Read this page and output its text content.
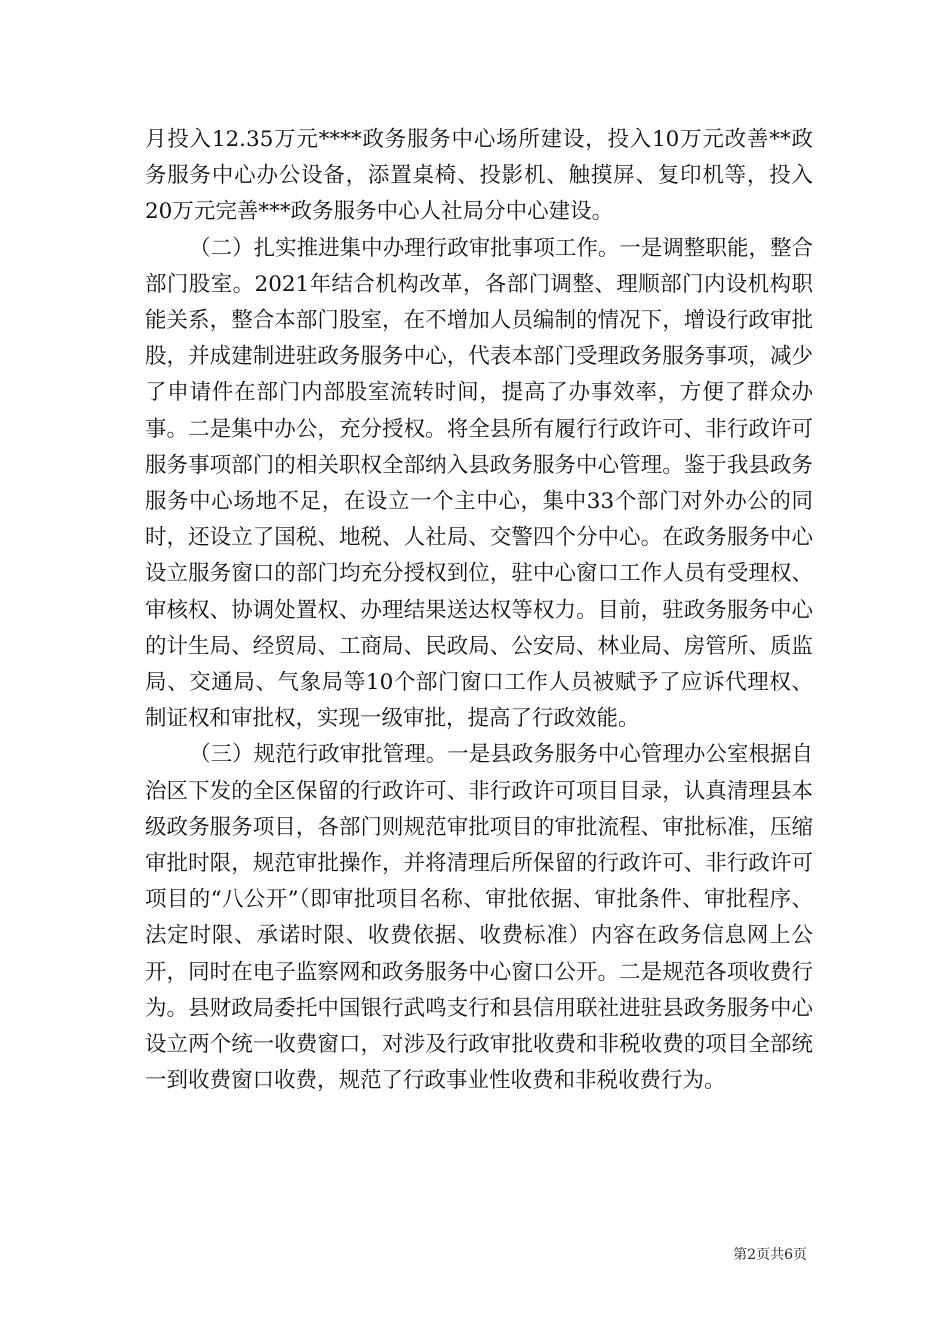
月投入12.35万元****政务服务中心场所建设，投入10万元改善**政务服务中心办公设备，添置桌椅、投影机、触摸屏、复印机等，投入20万元完善***政务服务中心人社局分中心建设。

（二）扎实推进集中办理行政审批事项工作。一是调整职能，整合部门股室。2021年结合机构改革，各部门调整、理顺部门内设机构职能关系，整合本部门股室，在不增加人员编制的情况下，增设行政审批股，并成建制进驻政务服务中心，代表本部门受理政务服务事项，减少了申请件在部门内部股室流转时间，提高了办事效率，方便了群众办事。二是集中办公，充分授权。将全县所有履行行政许可、非行政许可服务事项部门的相关职权全部纳入县政务服务中心管理。鉴于我县政务服务中心场地不足，在设立一个主中心，集中33个部门对外办公的同时，还设立了国税、地税、人社局、交警四个分中心。在政务服务中心设立服务窗口的部门均充分授权到位，驻中心窗口工作人员有受理权、审核权、协调处置权、办理结果送达权等权力。目前，驻政务服务中心的计生局、经贸局、工商局、民政局、公安局、林业局、房管所、质监局、交通局、气象局等10个部门窗口工作人员被赋予了应诉代理权、制证权和审批权，实现一级审批，提高了行政效能。

（三）规范行政审批管理。一是县政务服务中心管理办公室根据自治区下发的全区保留的行政许可、非行政许可项目目录，认真清理县本级政务服务项目，各部门则规范审批项目的审批流程、审批标准，压缩审批时限，规范审批操作，并将清理后所保留的行政许可、非行政许可项目的“八公开”（即审批项目名称、审批依据、审批条件、审批程序、法定时限、承诺时限、收费依据、收费标准）内容在政务信息网上公开，同时在电子监察网和政务服务中心窗口公开。二是规范各项收费行为。县财政局委托中国银行武鸣支行和县信用联社进驻县政务服务中心设立两个统一收费窗口，对涉及行政审批收费和非税收费的项目全部统一到收费窗口收费，规范了行政事业性收费和非税收费行为。

第2页共6页
